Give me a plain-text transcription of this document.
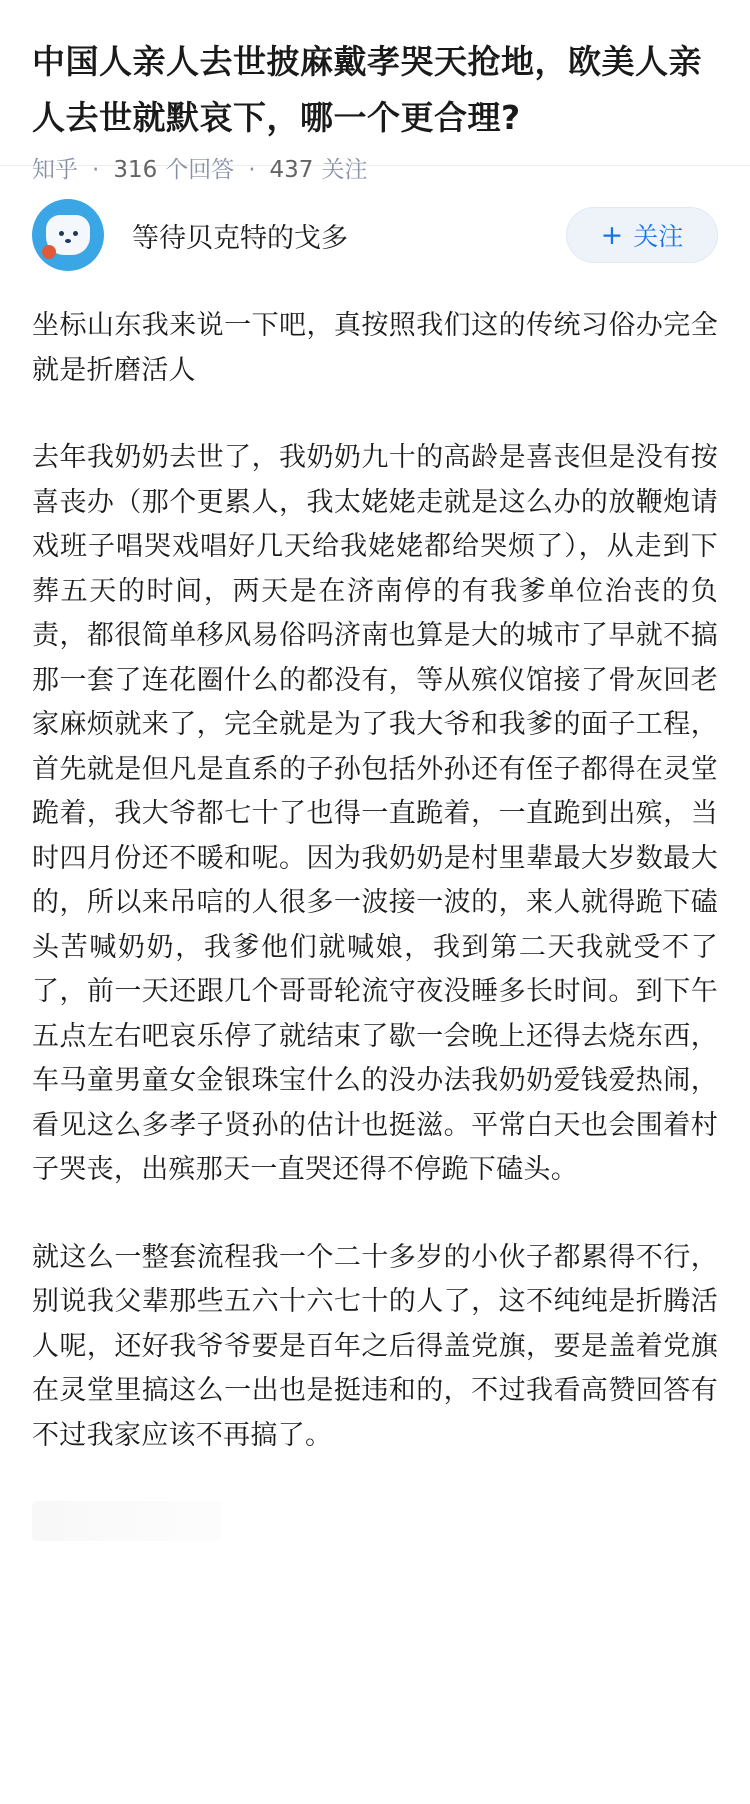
中国人亲人去世披麻戴孝哭天抢地，欧美人亲人去世就默哀下，哪一个更合理?
知乎 · 316 个回答 · 437 关注
等待贝克特的戈多	+ 关注

坐标山东我来说一下吧，真按照我们这的传统习俗办完全就是折磨活人

去年我奶奶去世了，我奶奶九十的高龄是喜丧但是没有按喜丧办（那个更累人，我太姥姥走就是这么办的放鞭炮请戏班子唱哭戏唱好几天给我姥姥都给哭烦了），从走到下葬五天的时间，两天是在济南停的有我爹单位治丧的负责，都很简单移风易俗吗济南也算是大的城市了早就不搞那一套了连花圈什么的都没有，等从殡仪馆接了骨灰回老家麻烦就来了，完全就是为了我大爷和我爹的面子工程，首先就是但凡是直系的子孙包括外孙还有侄子都得在灵堂跪着，我大爷都七十了也得一直跪着，一直跪到出殡，当时四月份还不暖和呢。因为我奶奶是村里辈最大岁数最大的，所以来吊唁的人很多一波接一波的，来人就得跪下磕头苦喊奶奶，我爹他们就喊娘，我到第二天我就受不了了，前一天还跟几个哥哥轮流守夜没睡多长时间。到下午五点左右吧哀乐停了就结束了歇一会晚上还得去烧东西，车马童男童女金银珠宝什么的没办法我奶奶爱钱爱热闹，看见这么多孝子贤孙的估计也挺滋。平常白天也会围着村子哭丧，出殡那天一直哭还得不停跪下磕头。

就这么一整套流程我一个二十多岁的小伙子都累得不行，别说我父辈那些五六十六七十的人了，这不纯纯是折腾活人呢，还好我爷爷要是百年之后得盖党旗，要是盖着党旗在灵堂里搞这么一出也是挺违和的，不过我看高赞回答有不过我家应该不再搞了。
